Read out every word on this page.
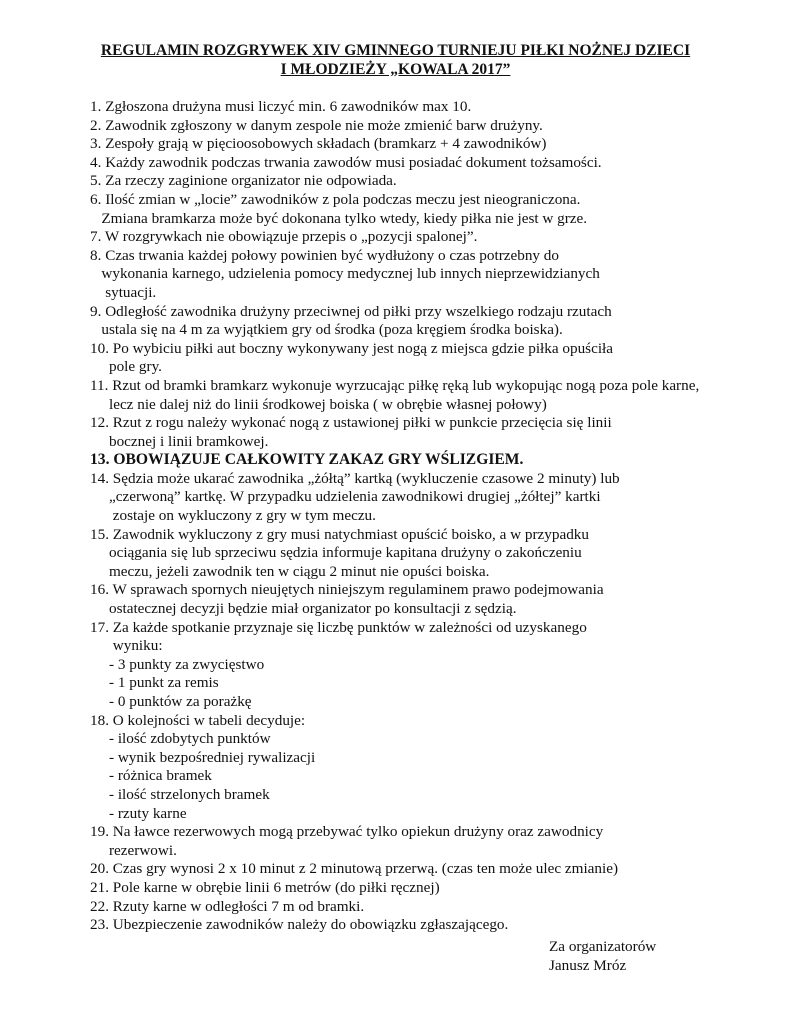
REGULAMIN ROZGRYWEK XIV GMINNEGO TURNIEJU PIŁKI NOŻNEJ DZIECI
I MŁODZIEŻY „KOWALA 2017”
1. Zgłoszona drużyna musi liczyć min. 6 zawodników max 10.
2. Zawodnik zgłoszony w danym zespole nie może zmienić barw drużyny.
3. Zespoły grają w pięcioosobowych składach (bramkarz + 4 zawodników)
4. Każdy zawodnik podczas trwania zawodów musi posiadać dokument tożsamości.
5. Za rzeczy zaginione organizator nie odpowiada.
6. Ilość zmian w „locie” zawodników z pola podczas meczu jest nieograniczona.
Zmiana bramkarza może być dokonana tylko wtedy, kiedy piłka nie jest w grze.
7. W rozgrywkach nie obowiązuje przepis o „pozycji spalonej”.
8. Czas trwania każdej połowy powinien być wydłużony o czas potrzebny do
wykonania karnego, udzielenia pomocy medycznej lub innych nieprzewidzianych
sytuacji.
9. Odległość zawodnika drużyny przeciwnej od piłki przy wszelkiego rodzaju rzutach
ustala się na 4 m za wyjątkiem gry od środka (poza kręgiem środka boiska).
10. Po wybiciu piłki aut boczny wykonywany jest nogą z miejsca gdzie piłka opuściła
pole gry.
11. Rzut od bramki bramkarz wykonuje wyrzucając piłkę ręką lub wykopując nogą poza pole karne,
lecz nie dalej niż do linii środkowej boiska ( w obrębie własnej połowy)
12. Rzut z rogu należy wykonać nogą z ustawionej piłki w punkcie przecięcia się linii
bocznej i linii bramkowej.
13. OBOWIĄZUJE CAŁKOWITY ZAKAZ GRY WŚLIZGIEM.
14. Sędzia może ukarać zawodnika „żółtą” kartką (wykluczenie czasowe 2 minuty) lub
„czerwoną” kartkę. W przypadku udzielenia zawodnikowi drugiej „żółtej” kartki
zostaje on wykluczony z gry w tym meczu.
15. Zawodnik wykluczony z gry musi natychmiast opuścić boisko, a w przypadku
ociągania się lub sprzeciwu sędzia informuje kapitana drużyny o zakończeniu
meczu, jeżeli zawodnik ten w ciągu 2 minut nie opuści boiska.
16. W sprawach spornych nieujętych niniejszym regulaminem prawo podejmowania
ostatecznej decyzji będzie miał organizator po konsultacji z sędzią.
17. Za każde spotkanie przyznaje się liczbę punktów w zależności od uzyskanego
wyniku:
- 3 punkty za zwycięstwo
- 1 punkt za remis
- 0 punktów za porażkę
18. O kolejności w tabeli decyduje:
- ilość zdobytych punktów
- wynik bezpośredniej rywalizacji
- różnica bramek
- ilość strzelonych bramek
- rzuty karne
19. Na ławce rezerwowych mogą przebywać tylko opiekun drużyny oraz zawodnicy
rezerwowi.
20. Czas gry wynosi 2 x 10 minut z 2 minutową przerwą. (czas ten może ulec zmianie)
21. Pole karne w obrębie linii 6 metrów (do piłki ręcznej)
22. Rzuty karne w odległości 7 m od bramki.
23. Ubezpieczenie zawodników należy do obowiązku zgłaszającego.
Za organizatorów
Janusz Mróz
